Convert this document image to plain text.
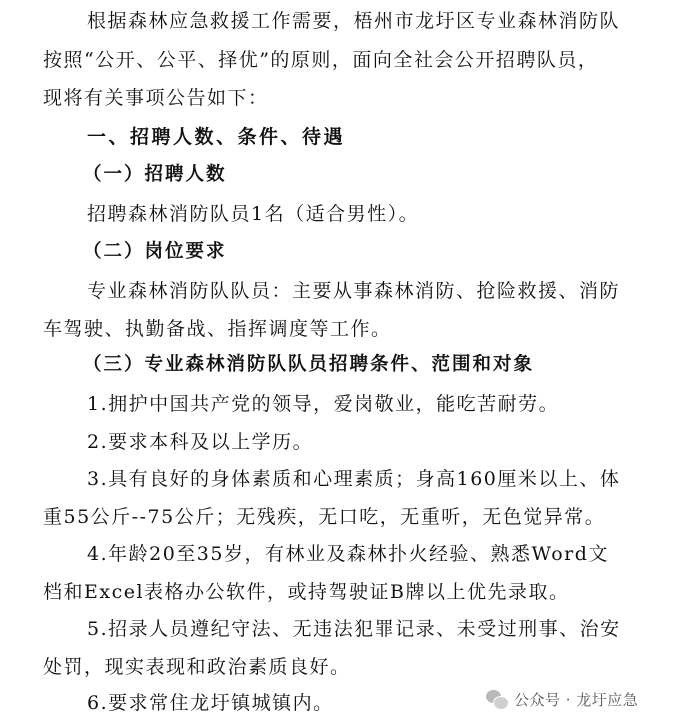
根据森林应急救援工作需要，梧州市龙圩区专业森林消防队
按照“公开、公平、择优”的原则，面向全社会公开招聘队员，
现将有关事项公告如下：
一、招聘人数、条件、待遇
（一）招聘人数
招聘森林消防队员1名（适合男性）。
（二）岗位要求
专业森林消防队队员：主要从事森林消防、抢险救援、消防
车驾驶、执勤备战、指挥调度等工作。
（三）专业森林消防队队员招聘条件、范围和对象
1.拥护中国共产党的领导，爱岗敬业，能吃苦耐劳。
2.要求本科及以上学历。
3.具有良好的身体素质和心理素质；身高160厘米以上、体
重55公斤--75公斤；无残疾，无口吃，无重听，无色觉异常。
4.年龄20至35岁，有林业及森林扑火经验、熟悉Word文
档和Excel表格办公软件，或持驾驶证B牌以上优先录取。
5.招录人员遵纪守法、无违法犯罪记录、未受过刑事、治安
处罚，现实表现和政治素质良好。
6.要求常住龙圩镇城镇内。	公众号 · 龙圩应急
